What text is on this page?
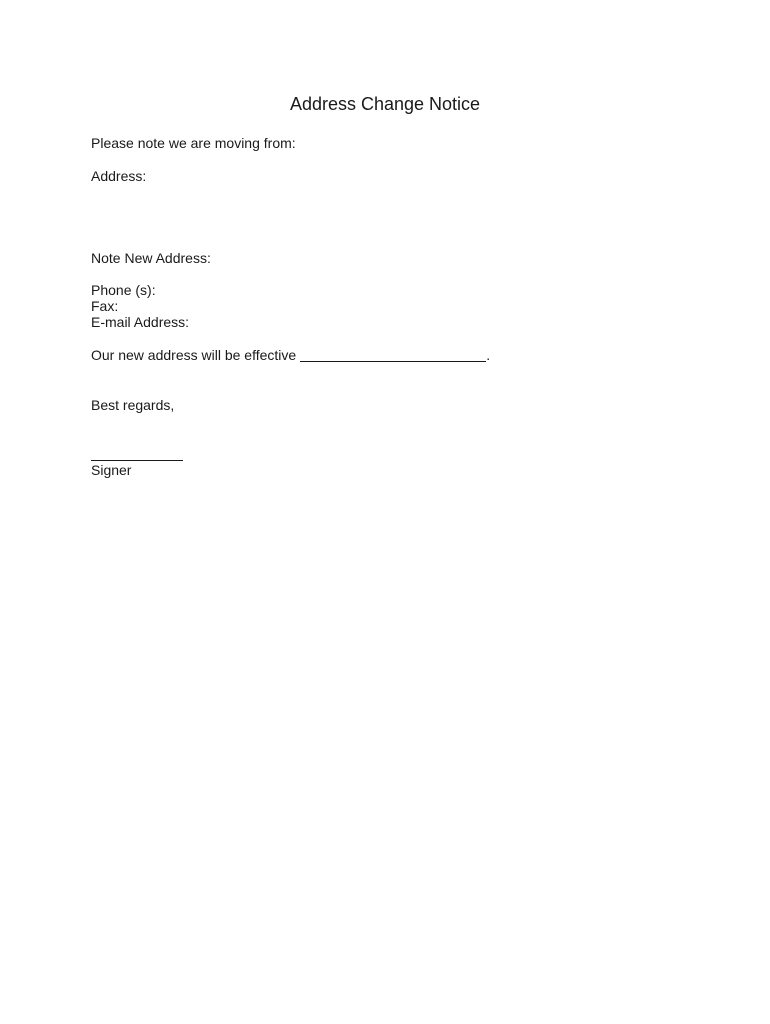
Address Change Notice
Please note we are moving from:
Address:
Note New Address:
Phone (s):
Fax:
E-mail Address:
Our new address will be effective	.
Best regards,
Signer
